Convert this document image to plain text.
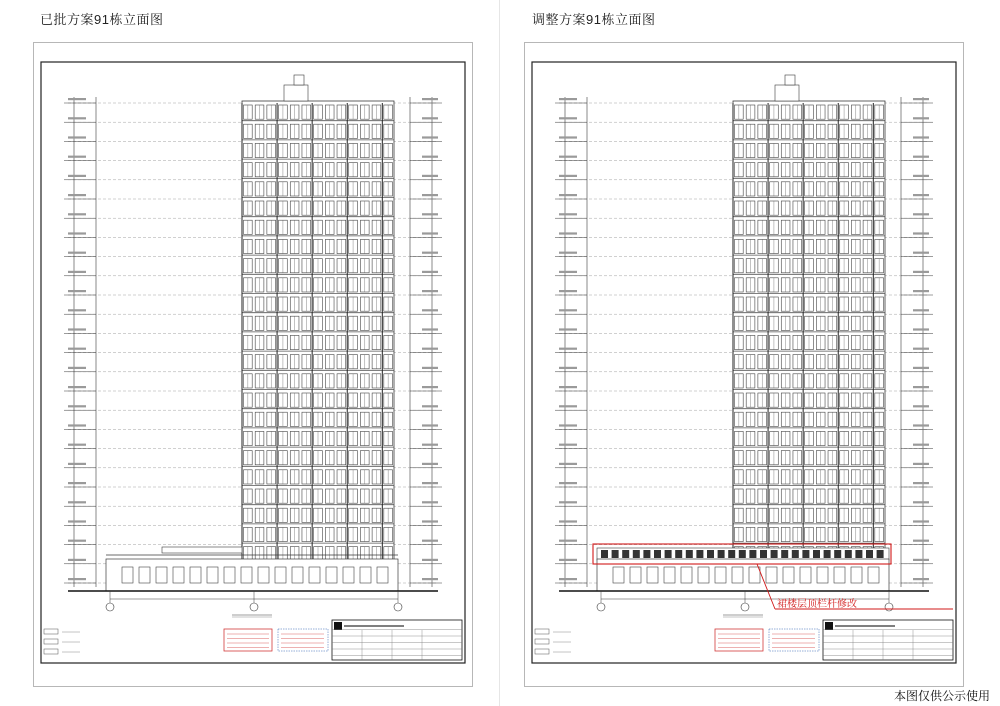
已批方案91栋立面图	调整方案91栋立面图
裙楼层顶栏杆修改
本图仅供公示使用
